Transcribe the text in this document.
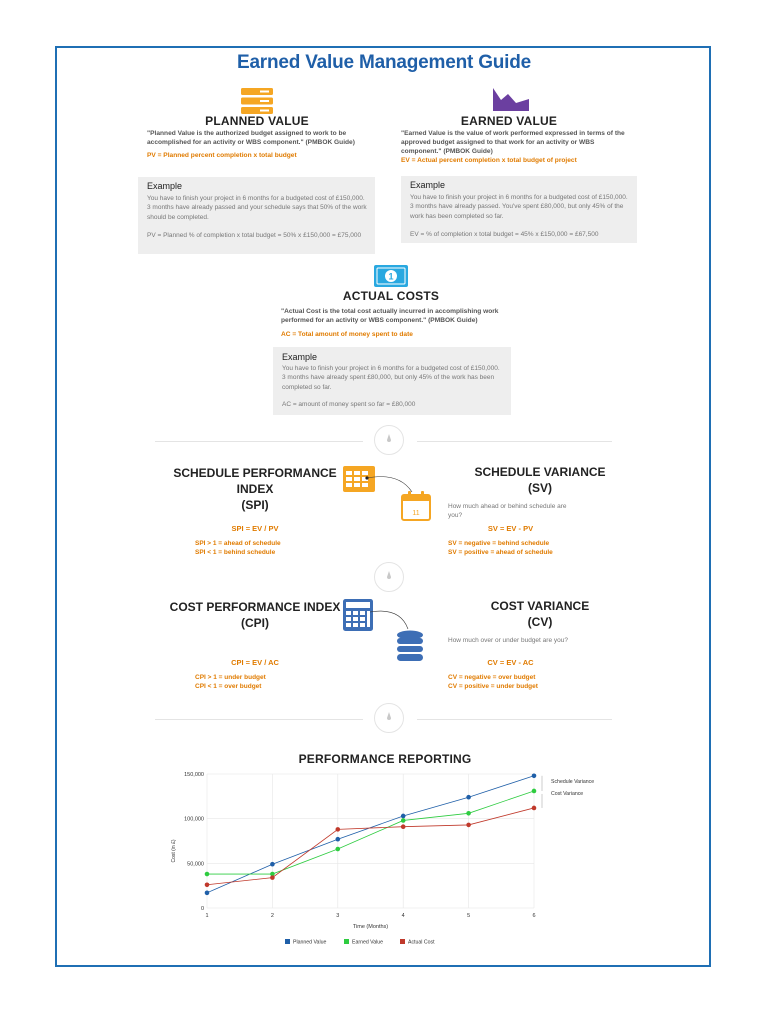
Earned Value Management Guide
PLANNED VALUE
"Planned Value is the authorized budget assigned to work to be accomplished for an activity or WBS component." (PMBOK Guide)
PV = Planned percent completion x total budget
Example
You have to finish your project in 6 months for a budgeted cost of £150,000. 3 months have already passed and your schedule says that 50% of the work should be completed.
PV = Planned % of completion x total budget = 50% x £150,000 = £75,000
EARNED VALUE
"Earned Value is the value of work performed expressed in terms of the approved budget assigned to that work for an activity or WBS component." (PMBOK Guide)
EV = Actual percent completion x total budget of project
Example
You have to finish your project in 6 months for a budgeted cost of £150,000. 3 months have already passed. You've spent £80,000, but only 45% of the work has been completed so far.
EV = % of completion x total budget = 45% x £150,000 = £67,500
1
ACTUAL COSTS
"Actual Cost is the total cost actually incurred in accomplishing work performed for an activity or WBS component." (PMBOK Guide)
AC = Total amount of money spent to date
Example
You have to finish your project in 6 months for a budgeted cost of £150,000. 3 months have already spent £80,000, but only 45% of the work has been completed so far.
AC = amount of money spent so far = £80,000
SCHEDULE PERFORMANCE
INDEX
(SPI)
SPI = EV / PV
SPI > 1 = ahead of schedule
SPI < 1 = behind schedule
11
SCHEDULE VARIANCE
(SV)
How much ahead or behind schedule are you?
SV = EV - PV
SV = negative = behind schedule
SV = positive = ahead of schedule
COST PERFORMANCE INDEX
(CPI)
CPI = EV / AC
CPI > 1 = under budget
CPI < 1 = over budget
COST VARIANCE
(CV)
How much over or under budget are you?
CV = EV - AC
CV = negative = over budget
CV = positive = under budget
PERFORMANCE REPORTING
0
50,000
100,000
150,000
1	2	3	4	5	6
Schedule Variance
Cost Variance
Cost (in £)
Time (Months)
Planned Value	Earned Value	Actual Cost
